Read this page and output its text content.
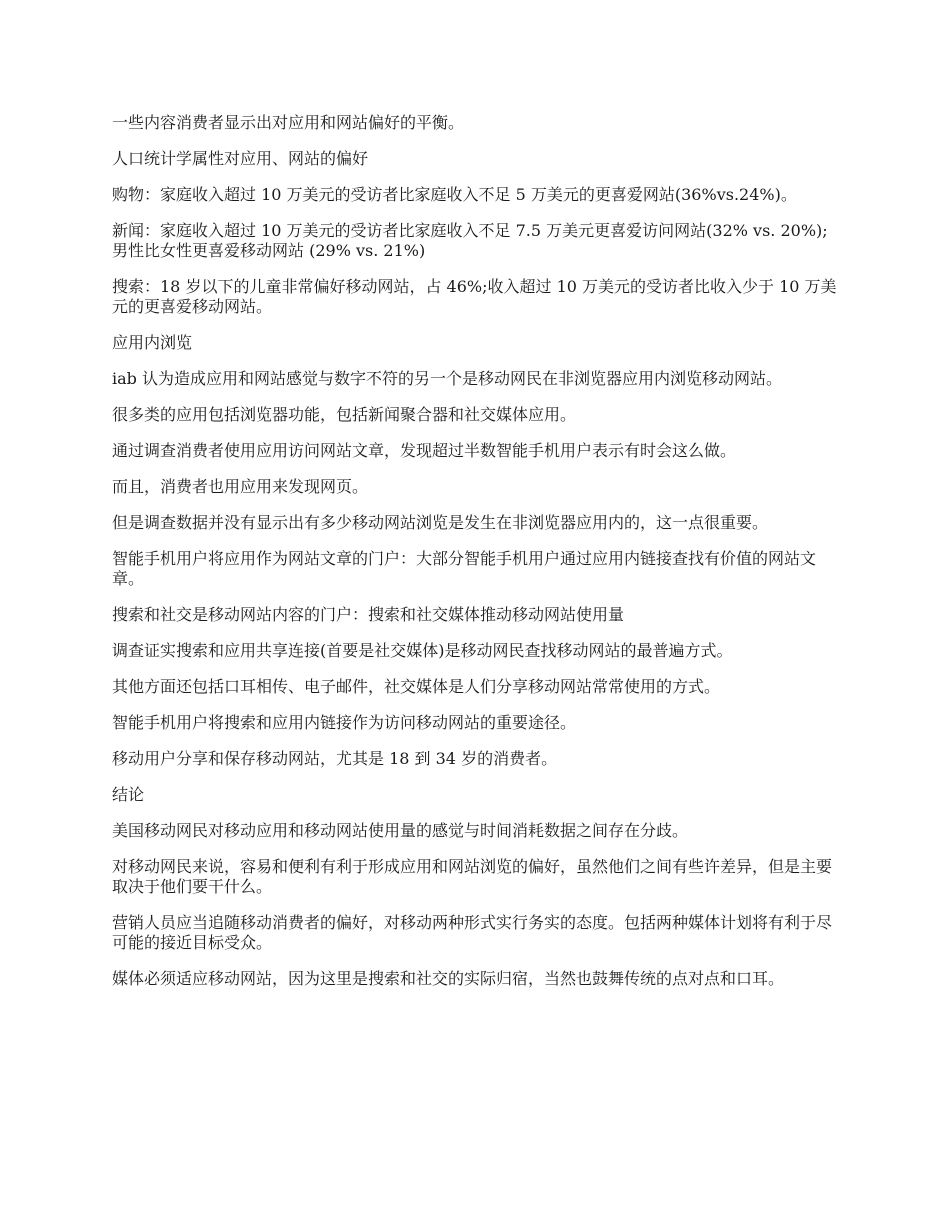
一些内容消费者显示出对应用和网站偏好的平衡。

人口统计学属性对应用、网站的偏好

购物：家庭收入超过 10 万美元的受访者比家庭收入不足 5 万美元的更喜爱网站(36%vs.24%)。

新闻：家庭收入超过 10 万美元的受访者比家庭收入不足 7.5 万美元更喜爱访问网站(32% vs. 20%);男性比女性更喜爱移动网站 (29% vs. 21%)

搜索：18 岁以下的儿童非常偏好移动网站，占 46%;收入超过 10 万美元的受访者比收入少于 10 万美元的更喜爱移动网站。

应用内浏览

iab 认为造成应用和网站感觉与数字不符的另一个是移动网民在非浏览器应用内浏览移动网站。

很多类的应用包括浏览器功能，包括新闻聚合器和社交媒体应用。

通过调查消费者使用应用访问网站文章，发现超过半数智能手机用户表示有时会这么做。

而且，消费者也用应用来发现网页。

但是调查数据并没有显示出有多少移动网站浏览是发生在非浏览器应用内的，这一点很重要。

智能手机用户将应用作为网站文章的门户：大部分智能手机用户通过应用内链接查找有价值的网站文章。

搜索和社交是移动网站内容的门户：搜索和社交媒体推动移动网站使用量

调查证实搜索和应用共享连接(首要是社交媒体)是移动网民查找移动网站的最普遍方式。

其他方面还包括口耳相传、电子邮件，社交媒体是人们分享移动网站常常使用的方式。

智能手机用户将搜索和应用内链接作为访问移动网站的重要途径。

移动用户分享和保存移动网站，尤其是 18 到 34 岁的消费者。

结论

美国移动网民对移动应用和移动网站使用量的感觉与时间消耗数据之间存在分歧。

对移动网民来说，容易和便利有利于形成应用和网站浏览的偏好，虽然他们之间有些许差异，但是主要取决于他们要干什么。

营销人员应当追随移动消费者的偏好，对移动两种形式实行务实的态度。包括两种媒体计划将有利于尽可能的接近目标受众。

媒体必须适应移动网站，因为这里是搜索和社交的实际归宿，当然也鼓舞传统的点对点和口耳。
